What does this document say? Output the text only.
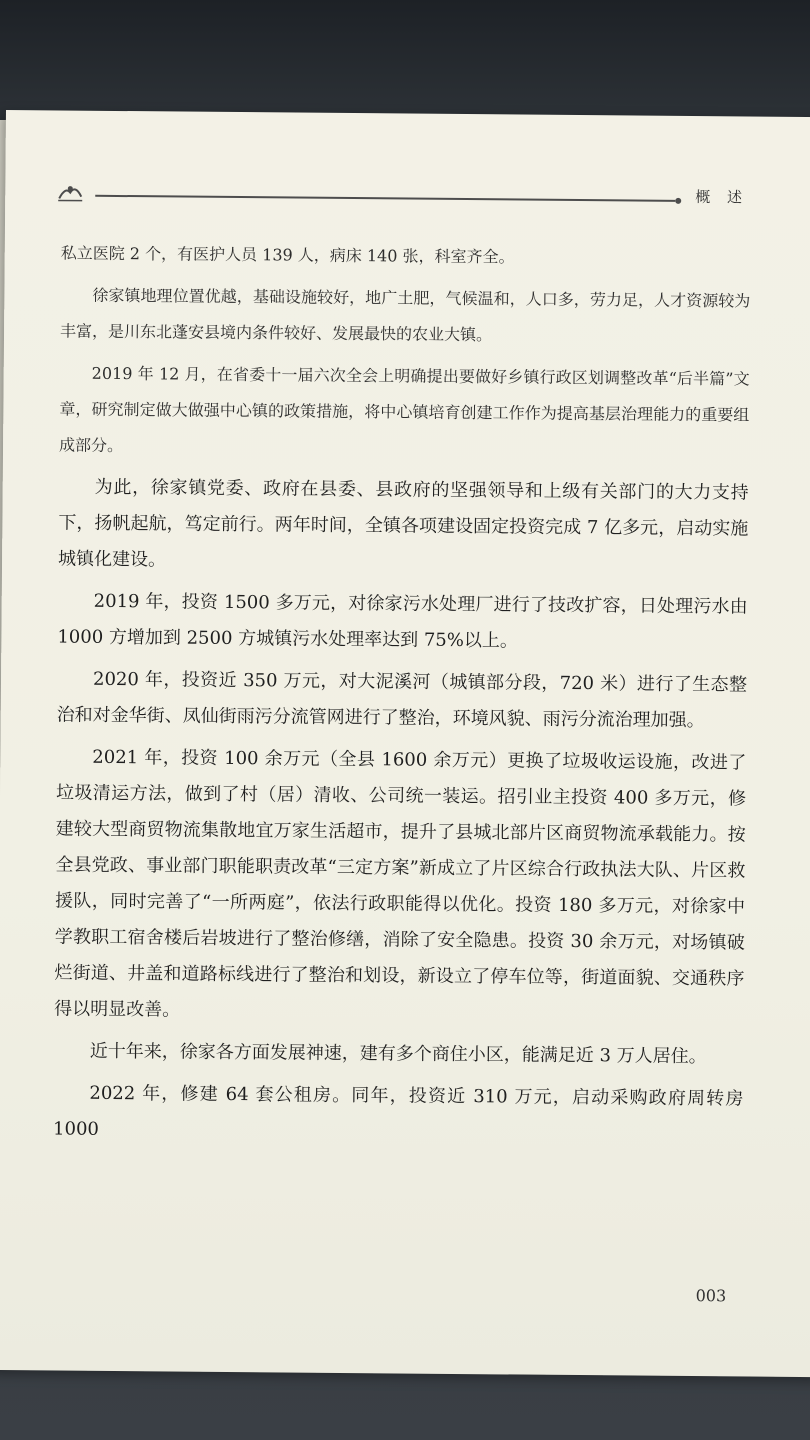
概 述

私立医院 2 个，有医护人员 139 人，病床 140 张，科室齐全。

徐家镇地理位置优越，基础设施较好，地广土肥，气候温和，人口多，劳力足，人才资源较为丰富，是川东北蓬安县境内条件较好、发展最快的农业大镇。

2019 年 12 月，在省委十一届六次全会上明确提出要做好乡镇行政区划调整改革“后半篇”文章，研究制定做大做强中心镇的政策措施，将中心镇培育创建工作作为提高基层治理能力的重要组成部分。

为此，徐家镇党委、政府在县委、县政府的坚强领导和上级有关部门的大力支持下，扬帆起航，笃定前行。两年时间，全镇各项建设固定投资完成 7 亿多元，启动实施城镇化建设。

2019 年，投资 1500 多万元，对徐家污水处理厂进行了技改扩容，日处理污水由 1000 方增加到 2500 方城镇污水处理率达到 75%以上。

2020 年，投资近 350 万元，对大泥溪河（城镇部分段，720 米）进行了生态整治和对金华街、凤仙街雨污分流管网进行了整治，环境风貌、雨污分流治理加强。

2021 年，投资 100 余万元（全县 1600 余万元）更换了垃圾收运设施，改进了垃圾清运方法，做到了村（居）清收、公司统一装运。招引业主投资 400 多万元，修建较大型商贸物流集散地宜万家生活超市，提升了县城北部片区商贸物流承载能力。按全县党政、事业部门职能职责改革“三定方案”新成立了片区综合行政执法大队、片区救援队，同时完善了“一所两庭”，依法行政职能得以优化。投资 180 多万元，对徐家中学教职工宿舍楼后岩坡进行了整治修缮，消除了安全隐患。投资 30 余万元，对场镇破烂街道、井盖和道路标线进行了整治和划设，新设立了停车位等，街道面貌、交通秩序得以明显改善。

近十年来，徐家各方面发展神速，建有多个商住小区，能满足近 3 万人居住。

2022 年，修建 64 套公租房。同年，投资近 310 万元，启动采购政府周转房 1000

003
